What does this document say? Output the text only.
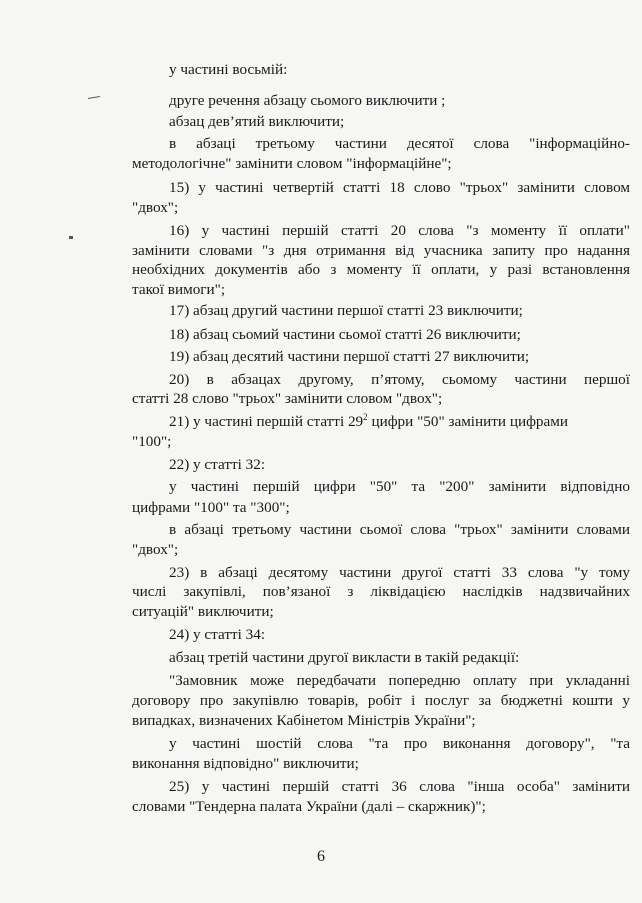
у частині восьмій:
друге речення абзацу сьомого виключити ;
абзац дев’ятий виключити;
в абзаці третьому частини десятої слова "інформаційно-
методологічне" замінити словом "інформаційне";
15) у частині четвертій статті 18 слово "трьох" замінити словом
"двох";
16) у частині першій статті 20 слова "з моменту її оплати"
замінити словами "з дня отримання від учасника запиту про надання
необхідних документів або з моменту її оплати, у разі встановлення
такої вимоги";
17) абзац другий частини першої статті 23 виключити;
18) абзац сьомий частини сьомої статті 26 виключити;
19) абзац десятий частини першої статті 27 виключити;
20) в абзацах другому, п’ятому, сьомому частини першої
статті 28 слово "трьох" замінити словом "двох";
21) у частині першій статті $29^2$ цифри "50" замінити цифрами
"100";
22) у статті 32:
у частині першій цифри "50" та "200" замінити відповідно
цифрами "100" та "300";
в абзаці третьому частини сьомої слова "трьох" замінити словами
"двох";
23) в абзаці десятому частини другої статті 33 слова "у тому
числі закупівлі, пов’язаної з ліквідацією наслідків надзвичайних
ситуацій" виключити;
24) у статті 34:
абзац третій частини другої викласти в такій редакції:
"Замовник може передбачати попередню оплату при укладанні
договору про закупівлю товарів, робіт і послуг за бюджетні кошти у
випадках, визначених Кабінетом Міністрів України";
у частині шостій слова "та про виконання договору", "та
виконання відповідно" виключити;
25) у частині першій статті 36 слова "інша особа" замінити
словами "Тендерна палата України (далі – скаржник)";
6
